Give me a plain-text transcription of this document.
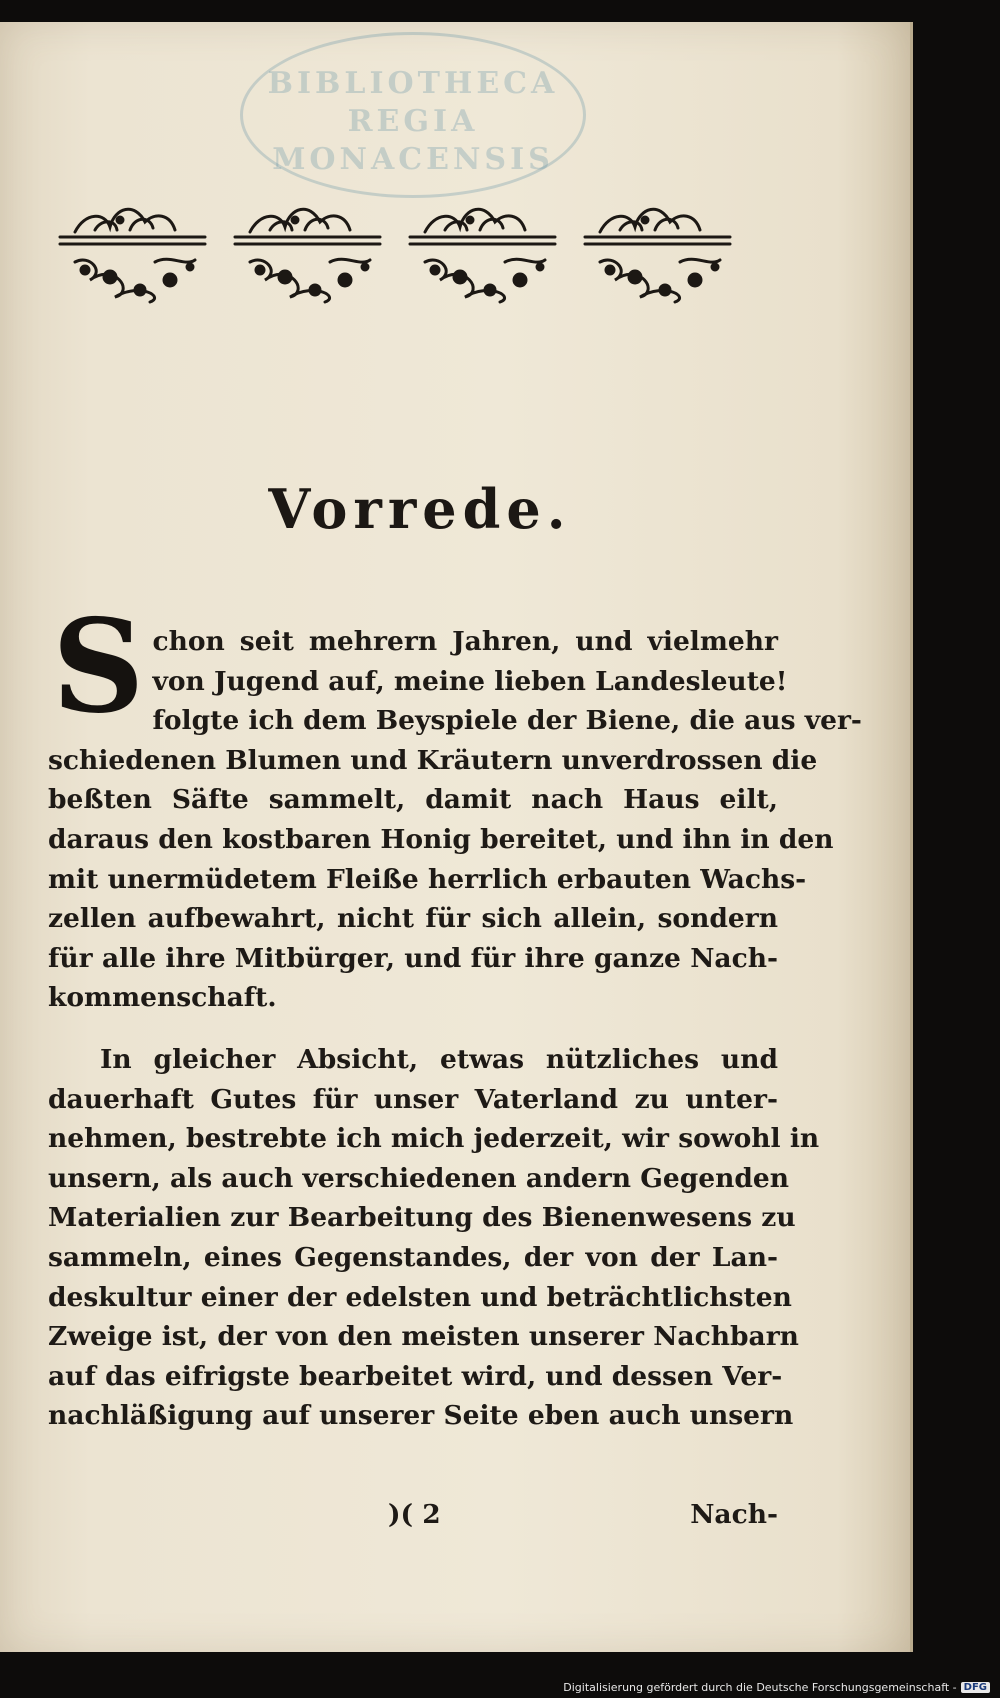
BIBLIOTHECA
REGIA
MONACENSIS
Vorrede.
S chon seit mehrern Jahren, und vielmehr
von Jugend auf, meine lieben Landesleute!
folgte ich dem Beyspiele der Biene, die aus ver-
schiedenen Blumen und Kräutern unverdrossen die
beßten Säfte sammelt, damit nach Haus eilt,
daraus den kostbaren Honig bereitet, und ihn in den
mit unermüdetem Fleiße herrlich erbauten Wachs-
zellen aufbewahrt, nicht für sich allein, sondern
für alle ihre Mitbürger, und für ihre ganze Nach-
kommenschaft.
In gleicher Absicht, etwas nützliches und
dauerhaft Gutes für unser Vaterland zu unter-
nehmen, bestrebte ich mich jederzeit, wir sowohl in
unsern, als auch verschiedenen andern Gegenden
Materialien zur Bearbeitung des Bienenwesens zu
sammeln, eines Gegenstandes, der von der Lan-
deskultur einer der edelsten und beträchtlichsten
Zweige ist, der von den meisten unserer Nachbarn
auf das eifrigste bearbeitet wird, und dessen Ver-
nachläßigung auf unserer Seite eben auch unsern
)( 2	Nach-
Digitalisierung gefördert durch die Deutsche Forschungsgemeinschaft - DFG
